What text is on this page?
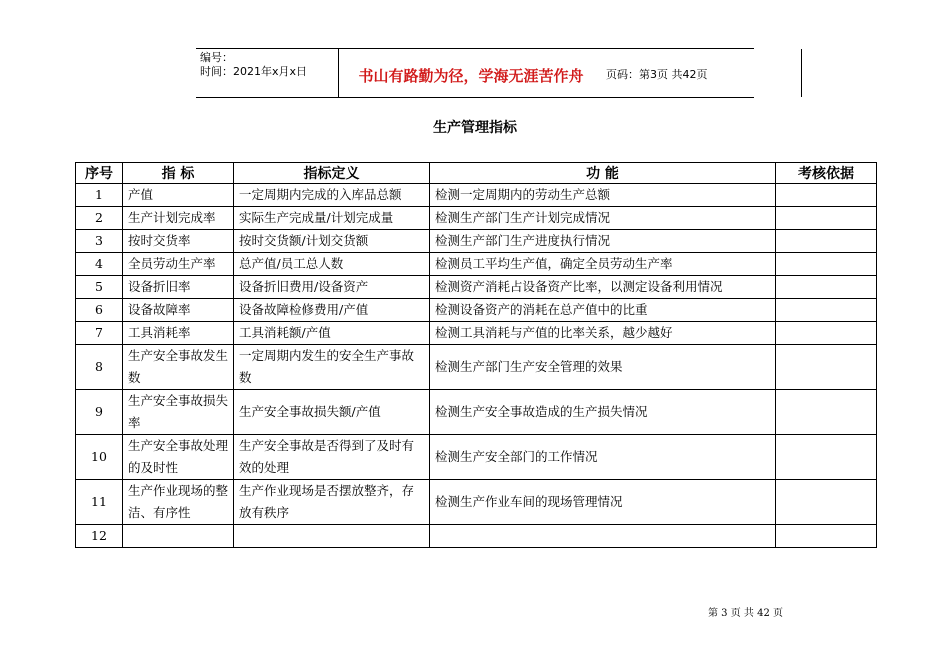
编号：
时间：2021年x月x日	书山有路勤为径，学海无涯苦作舟	页码：第3页 共42页
生产管理指标
序号	指 标	指标定义	功 能	考核依据
1	产值	一定周期内完成的入库品总额	检测一定周期内的劳动生产总额	
2	生产计划完成率	实际生产完成量/计划完成量	检测生产部门生产计划完成情况	
3	按时交货率	按时交货额/计划交货额	检测生产部门生产进度执行情况	
4	全员劳动生产率	总产值/员工总人数	检测员工平均生产值，确定全员劳动生产率	
5	设备折旧率	设备折旧费用/设备资产	检测资产消耗占设备资产比率，以测定设备利用情况	
6	设备故障率	设备故障检修费用/产值	检测设备资产的消耗在总产值中的比重	
7	工具消耗率	工具消耗额/产值	检测工具消耗与产值的比率关系，越少越好	
8	生产安全事故发生数	一定周期内发生的安全生产事故数	检测生产部门生产安全管理的效果	
9	生产安全事故损失率	生产安全事故损失额/产值	检测生产安全事故造成的生产损失情况	
10	生产安全事故处理的及时性	生产安全事故是否得到了及时有效的处理	检测生产安全部门的工作情况	
11	生产作业现场的整洁、有序性	生产作业现场是否摆放整齐，存放有秩序	检测生产作业车间的现场管理情况	
12				
第 3 页 共 42 页
